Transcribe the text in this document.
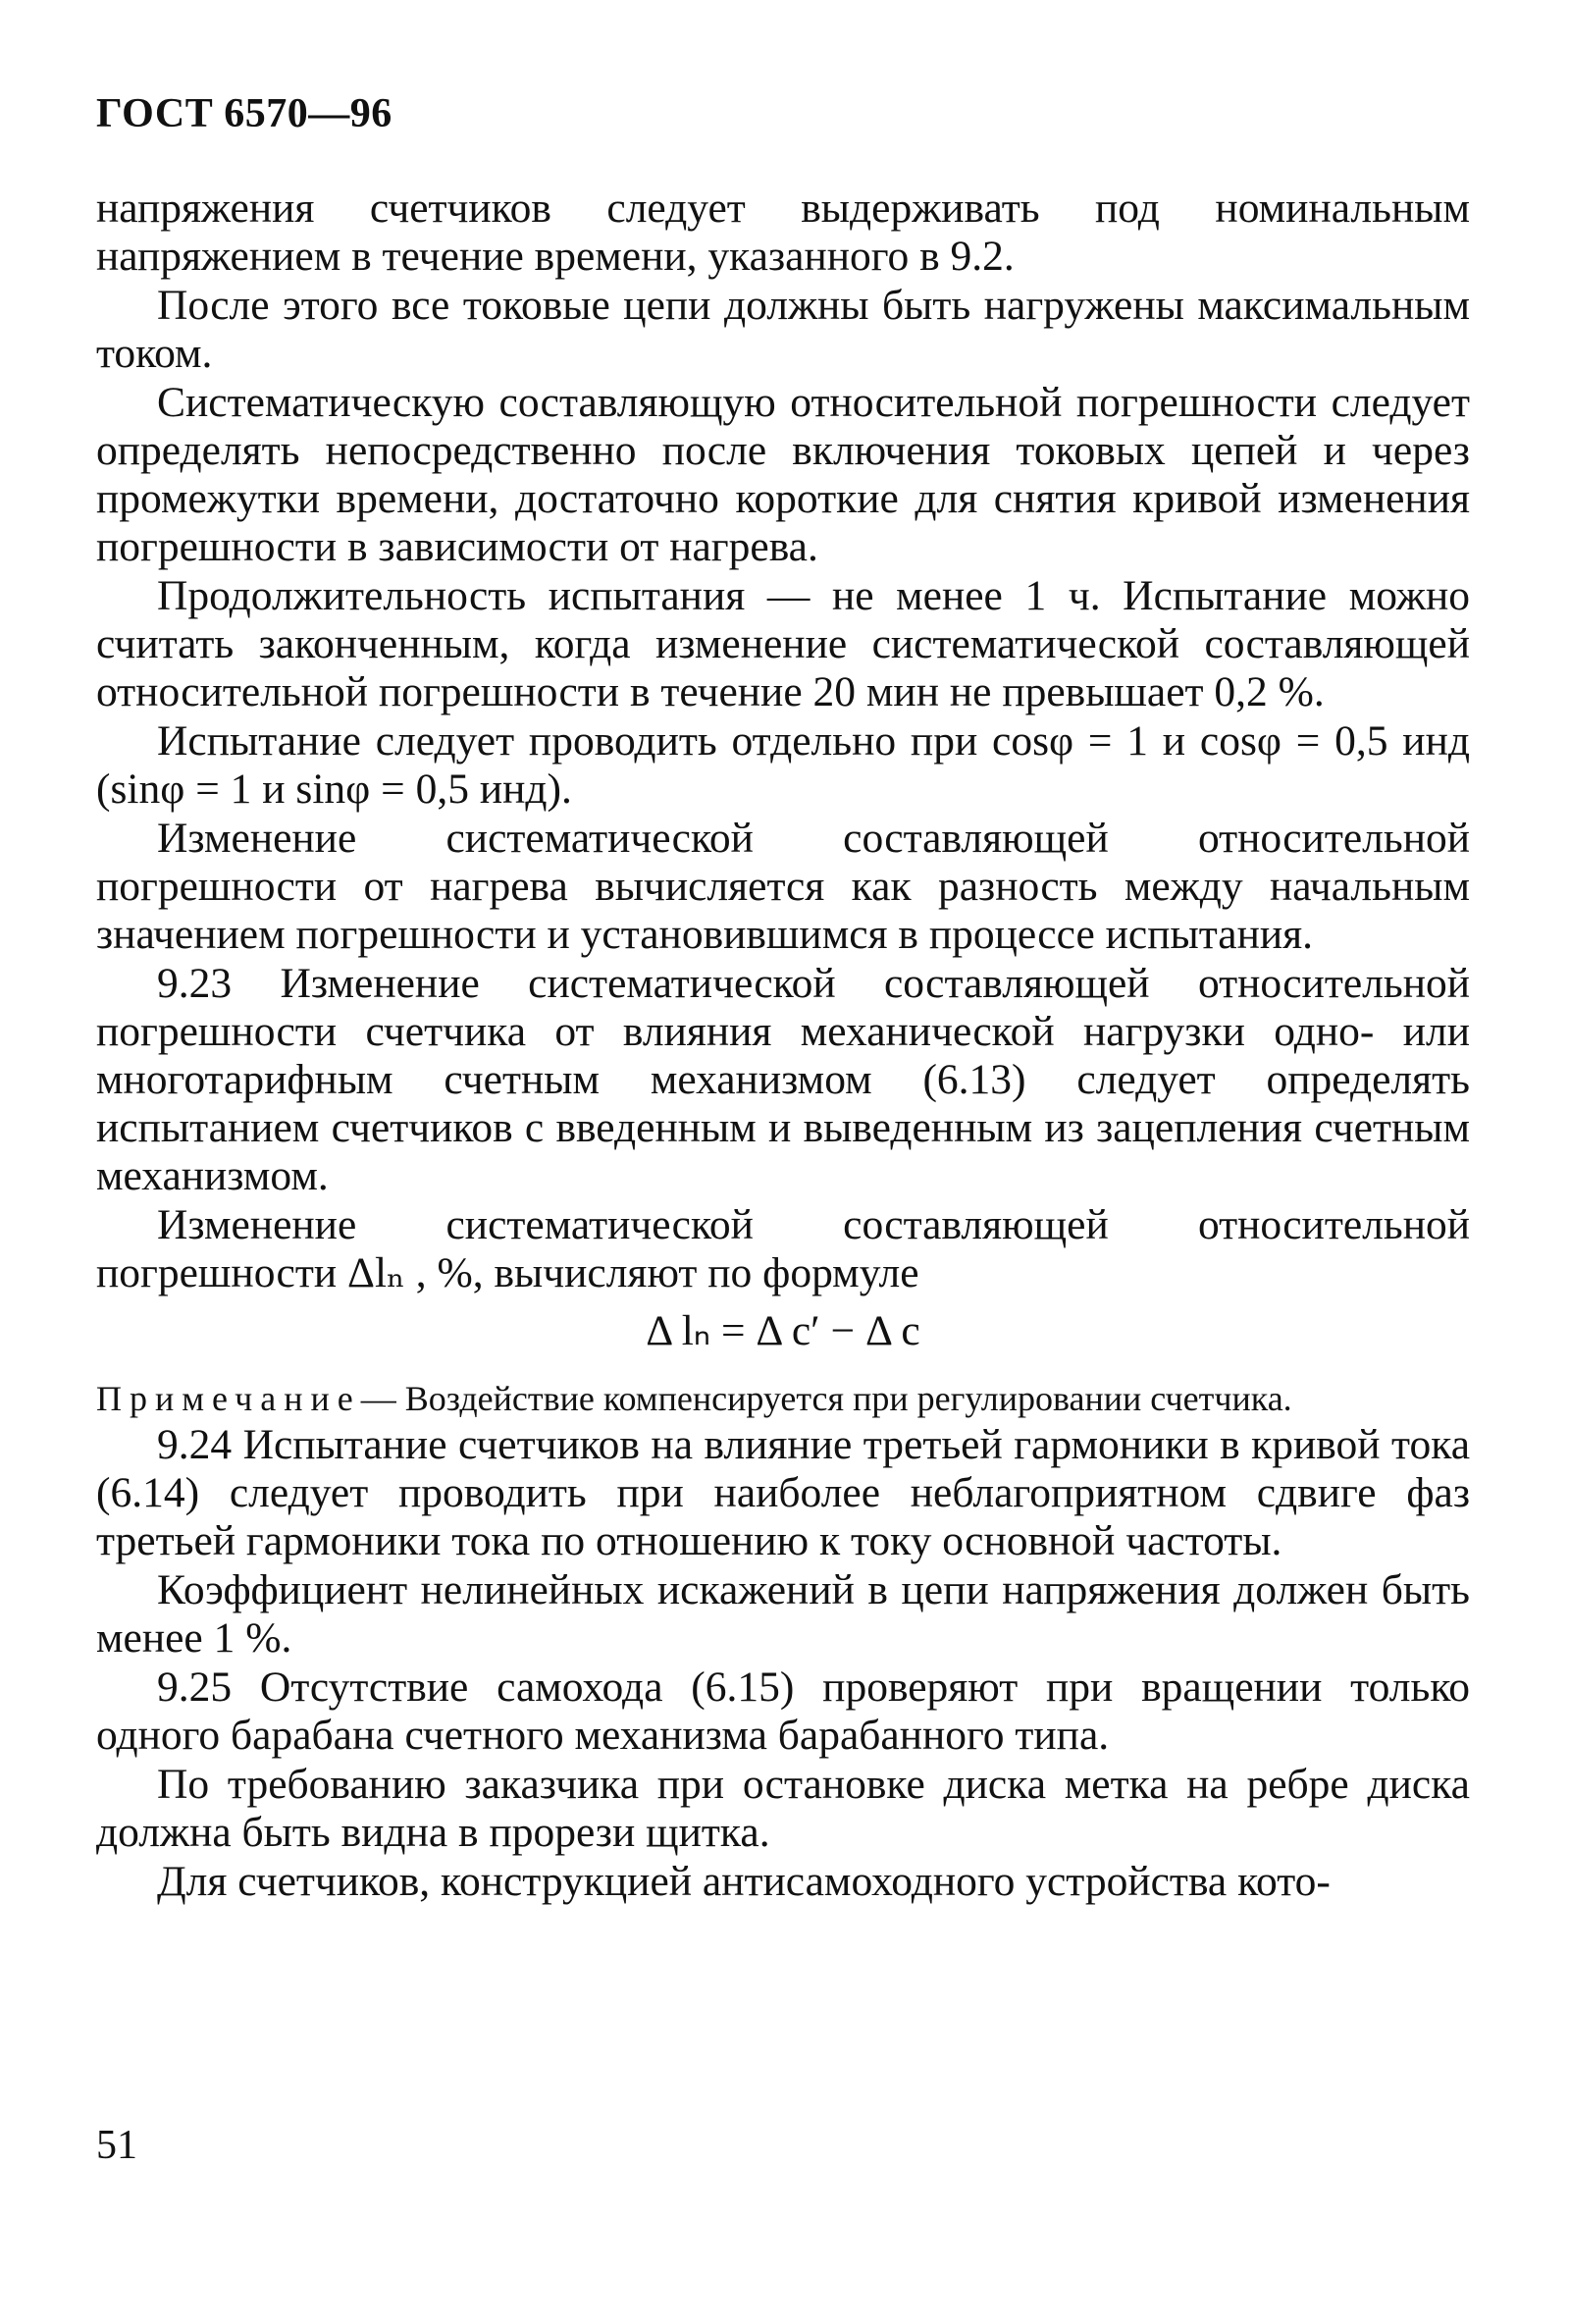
ГОСТ 6570—96

напряжения счетчиков следует выдерживать под номинальным напряжением в течение времени, указанного в 9.2.

После этого все токовые цепи должны быть нагружены максимальным током.

Систематическую составляющую относительной погрешности следует определять непосредственно после включения токовых цепей и через промежутки времени, достаточно короткие для снятия кривой изменения погрешности в зависимости от нагрева.

Продолжительность испытания — не менее 1 ч. Испытание можно считать законченным, когда изменение систематической составляющей относительной погрешности в течение 20 мин не превышает 0,2 %.

Испытание следует проводить отдельно при cosφ = 1 и cosφ = 0,5 инд (sinφ = 1 и sinφ = 0,5 инд).

Изменение систематической составляющей относительной погрешности от нагрева вычисляется как разность между начальным значением погрешности и установившимся в процессе испытания.

9.23 Изменение систематической составляющей относительной погрешности счетчика от влияния механической нагрузки одно- или многотарифным счетным механизмом (6.13) следует определять испытанием счетчиков с введенным и выведенным из зацепления счетным механизмом.

Изменение систематической составляющей относительной погрешности Δlₙ , %, вычисляют по формуле

Δ lₙ = Δ c′ − Δ c

Примечание— Воздействие компенсируется при регулировании счетчика.

9.24 Испытание счетчиков на влияние третьей гармоники в кривой тока (6.14) следует проводить при наиболее неблагоприятном сдвиге фаз третьей гармоники тока по отношению к току основной частоты.

Коэффициент нелинейных искажений в цепи напряжения должен быть менее 1 %.

9.25 Отсутствие самохода (6.15) проверяют при вращении только одного барабана счетного механизма барабанного типа.

По требованию заказчика при остановке диска метка на ребре диска должна быть видна в прорези щитка.

Для счетчиков, конструкцией антисамоходного устройства кото-

51
